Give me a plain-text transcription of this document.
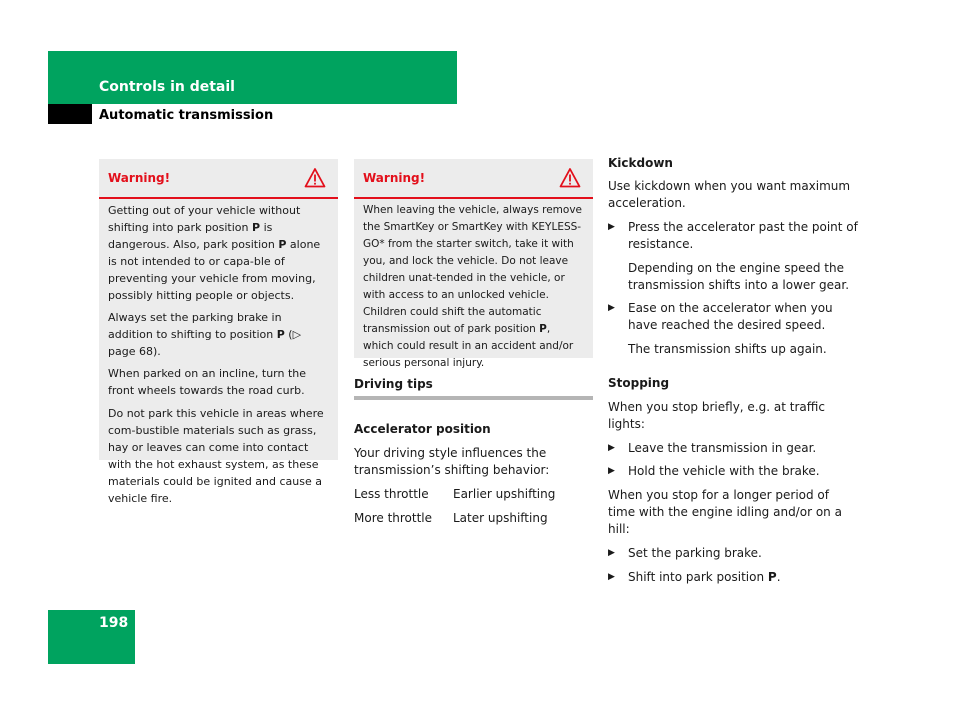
Controls in detail
Automatic transmission
Warning!

Getting out of your vehicle without shifting into park position P is dangerous. Also, park position P alone is not intended to or capa-ble of preventing your vehicle from moving, possibly hitting people or objects.

Always set the parking brake in addition to shifting to position P (▷ page 68).

When parked on an incline, turn the front wheels towards the road curb.

Do not park this vehicle in areas where com-bustible materials such as grass, hay or leaves can come into contact with the hot exhaust system, as these materials could be ignited and cause a vehicle fire.

Warning!

When leaving the vehicle, always remove the SmartKey or SmartKey with KEYLESS-GO* from the starter switch, take it with you, and lock the vehicle. Do not leave children unat-tended in the vehicle, or with access to an unlocked vehicle. Children could shift the automatic transmission out of park position P, which could result in an accident and/or serious personal injury.

Driving tips
Accelerator position

Your driving style influences the transmission’s shifting behavior:

Less throttle	Earlier upshifting
More throttle	Later upshifting
Kickdown

Use kickdown when you want maximum acceleration.

▶	Press the accelerator past the point of resistance.

Depending on the engine speed the transmission shifts into a lower gear.

▶	Ease on the accelerator when you have reached the desired speed.

The transmission shifts up again.

Stopping

When you stop briefly, e.g. at traffic lights:

▶	Leave the transmission in gear.
▶	Hold the vehicle with the brake.

When you stop for a longer period of time with the engine idling and/or on a hill:

▶	Set the parking brake.
▶	Shift into park position P.
198
